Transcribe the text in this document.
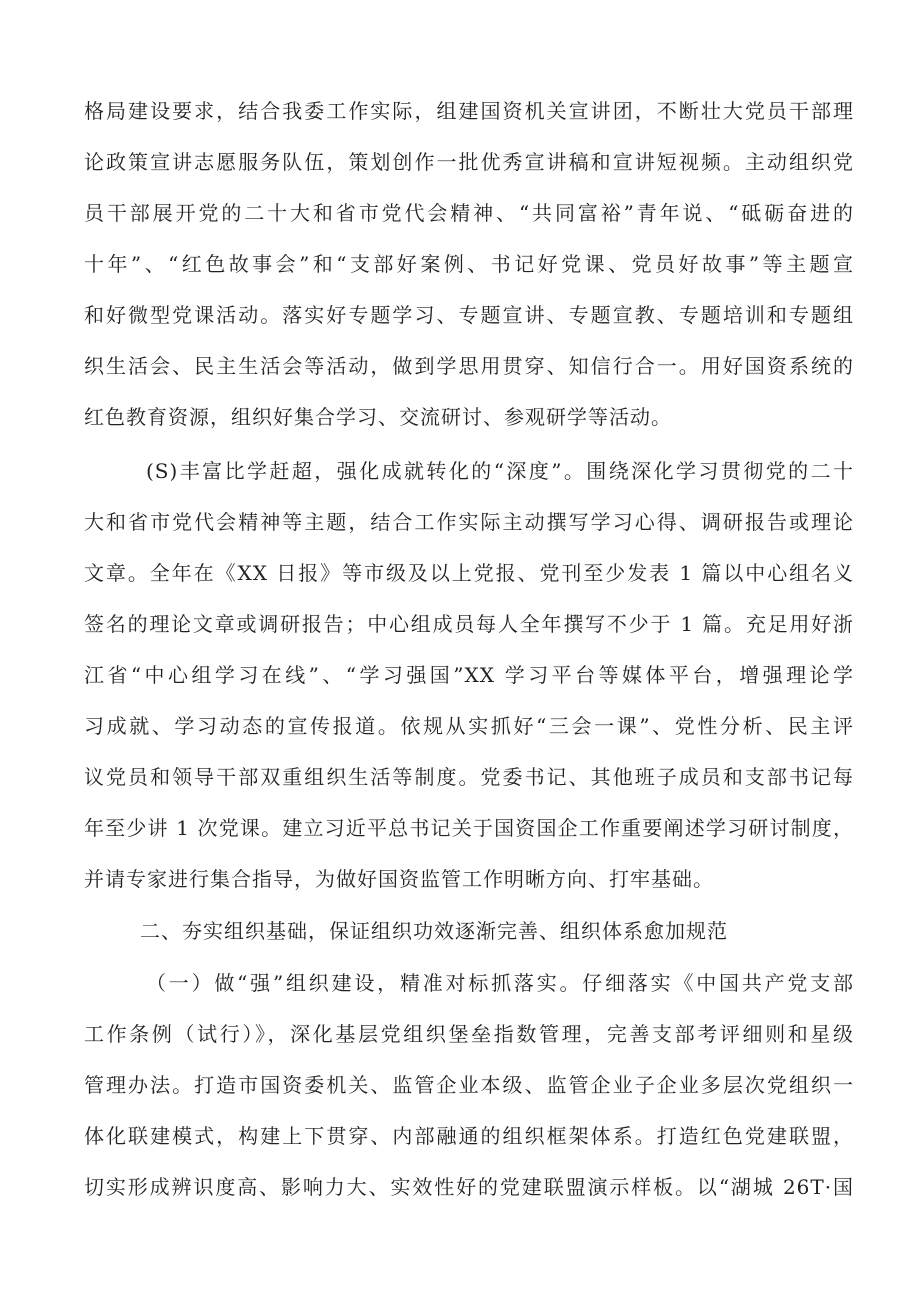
格局建设要求，结合我委工作实际，组建国资机关宣讲团，不断壮大党员干部理
论政策宣讲志愿服务队伍，策划创作一批优秀宣讲稿和宣讲短视频。主动组织党
员干部展开党的二十大和省市党代会精神、“共同富裕”青年说、“砥砺奋进的
十年”、“红色故事会”和“支部好案例、书记好党课、党员好故事”等主题宣
和好微型党课活动。落实好专题学习、专题宣讲、专题宣教、专题培训和专题组
织生活会、民主生活会等活动，做到学思用贯穿、知信行合一。用好国资系统的
红色教育资源，组织好集合学习、交流研讨、参观研学等活动。
(S)丰富比学赶超，强化成就转化的“深度”。围绕深化学习贯彻党的二十
大和省市党代会精神等主题，结合工作实际主动撰写学习心得、调研报告或理论
文章。全年在《XX 日报》等市级及以上党报、党刊至少发表 1 篇以中心组名义
签名的理论文章或调研报告；中心组成员每人全年撰写不少于 1 篇。充足用好浙
江省“中心组学习在线”、“学习强国”XX 学习平台等媒体平台，增强理论学
习成就、学习动态的宣传报道。依规从实抓好“三会一课”、党性分析、民主评
议党员和领导干部双重组织生活等制度。党委书记、其他班子成员和支部书记每
年至少讲 1 次党课。建立习近平总书记关于国资国企工作重要阐述学习研讨制度，
并请专家进行集合指导，为做好国资监管工作明晰方向、打牢基础。
二、夯实组织基础，保证组织功效逐渐完善、组织体系愈加规范
（一）做“强”组织建设，精准对标抓落实。仔细落实《中国共产党支部
工作条例（试行）》，深化基层党组织堡垒指数管理，完善支部考评细则和星级
管理办法。打造市国资委机关、监管企业本级、监管企业子企业多层次党组织一
体化联建模式，构建上下贯穿、内部融通的组织框架体系。打造红色党建联盟，
切实形成辨识度高、影响力大、实效性好的党建联盟演示样板。以“湖城 26T·国
